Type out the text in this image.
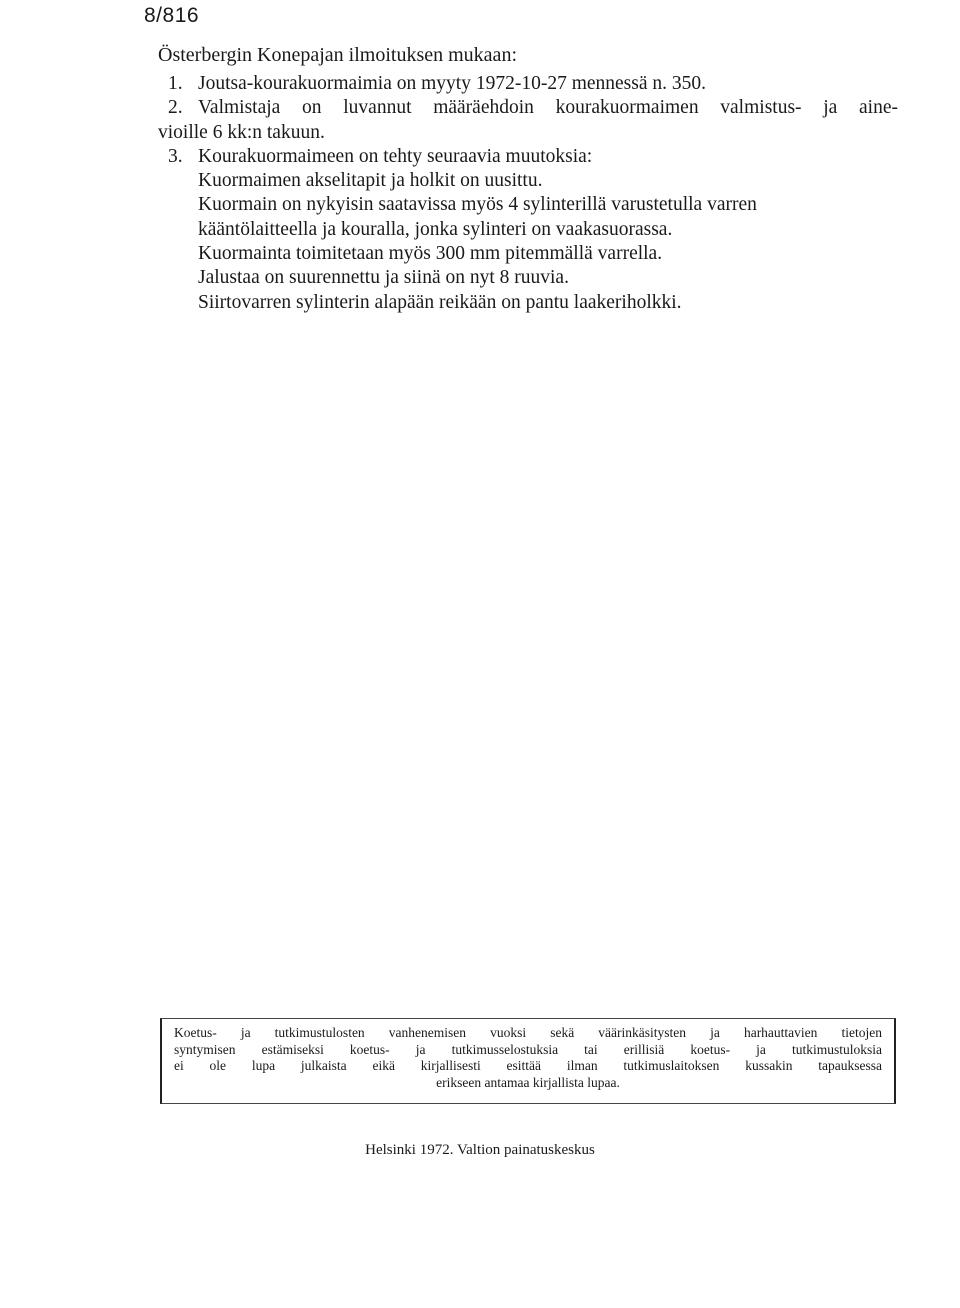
8/816
Österbergin Konepajan ilmoituksen mukaan:
1. Joutsa-kourakuormaimia on myyty 1972-10-27 mennessä n. 350.
2. Valmistaja on luvannut määräehdoin kourakuormaimen valmistus- ja aine-
vioille 6 kk:n takuun.
3. Kourakuormaimeen on tehty seuraavia muutoksia:
Kuormaimen akselitapit ja holkit on uusittu.
Kuormain on nykyisin saatavissa myös 4 sylinterillä varustetulla varren
kääntölaitteella ja kouralla, jonka sylinteri on vaakasuorassa.
Kuormainta toimitetaan myös 300 mm pitemmällä varrella.
Jalustaa on suurennettu ja siinä on nyt 8 ruuvia.
Siirtovarren sylinterin alapään reikään on pantu laakeriholkki.
Koetus- ja tutkimustulosten vanhenemisen vuoksi sekä väärinkäsitysten ja harhauttavien tietojen
syntymisen estämiseksi koetus- ja tutkimusselostuksia tai erillisiä koetus- ja tutkimustuloksia
ei ole lupa julkaista eikä kirjallisesti esittää ilman tutkimuslaitoksen kussakin tapauksessa
erikseen antamaa kirjallista lupaa.
Helsinki 1972. Valtion painatuskeskus
